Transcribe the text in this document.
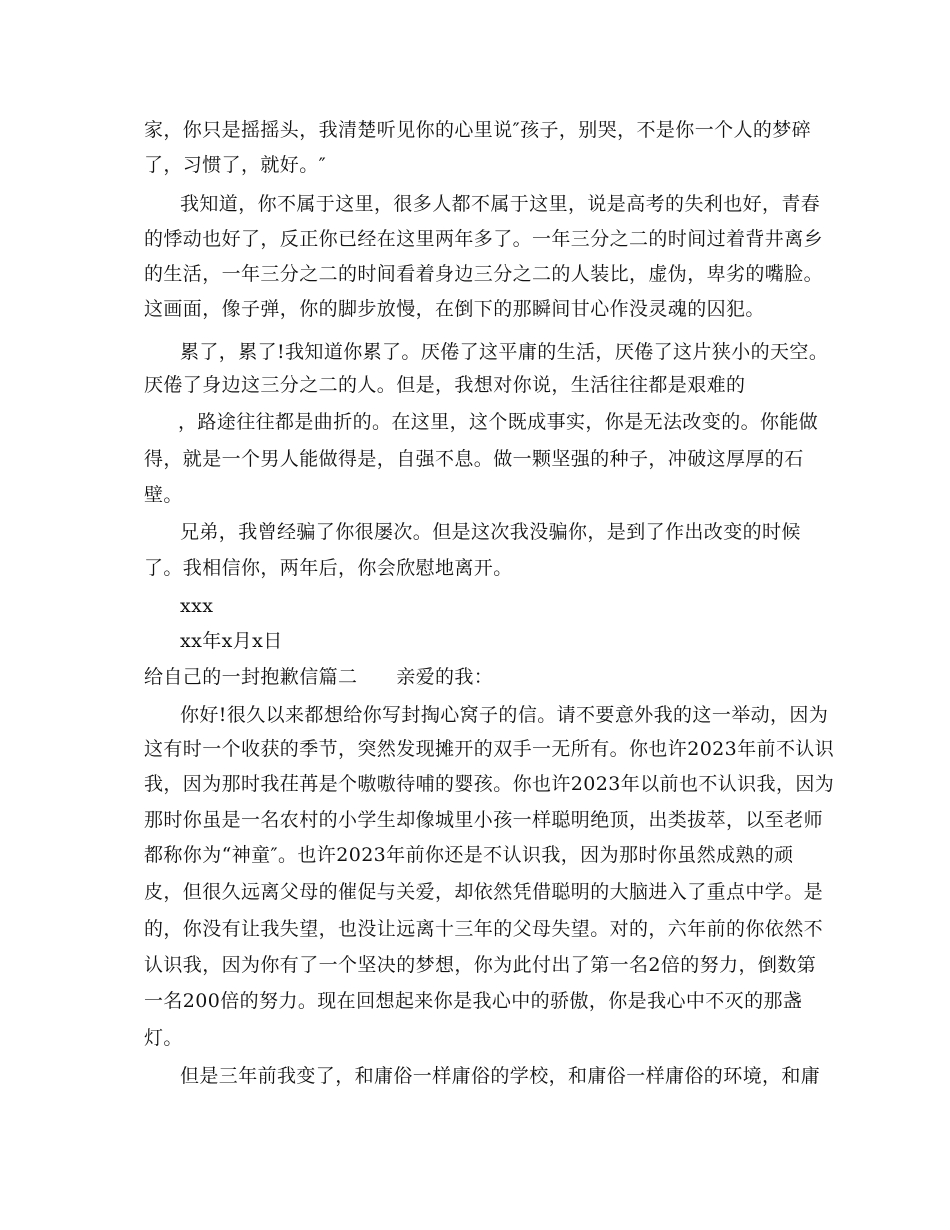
家，你只是摇摇头，我清楚听见你的心里说″孩子，别哭，不是你一个人的梦碎
了，习惯了，就好。″
我知道，你不属于这里，很多人都不属于这里，说是高考的失利也好，青春
的悸动也好了，反正你已经在这里两年多了。一年三分之二的时间过着背井离乡
的生活，一年三分之二的时间看着身边三分之二的人装比，虚伪，卑劣的嘴脸。
这画面，像子弹，你的脚步放慢，在倒下的那瞬间甘心作没灵魂的囚犯。
累了，累了!我知道你累了。厌倦了这平庸的生活，厌倦了这片狭小的天空。
厌倦了身边这三分之二的人。但是，我想对你说，生活往往都是艰难的
，路途往往都是曲折的。在这里，这个既成事实，你是无法改变的。你能做
得，就是一个男人能做得是，自强不息。做一颗坚强的种子，冲破这厚厚的石
壁。
兄弟，我曾经骗了你很屡次。但是这次我没骗你，是到了作出改变的时候
了。我相信你，两年后，你会欣慰地离开。
xxx
xx年x月x日
给自己的一封抱歉信篇二　　亲爱的我：
你好!很久以来都想给你写封掏心窝子的信。请不要意外我的这一举动，因为
这有时一个收获的季节，突然发现摊开的双手一无所有。你也许2023年前不认识
我，因为那时我茌苒是个嗷嗷待哺的婴孩。你也许2023年以前也不认识我，因为
那时你虽是一名农村的小学生却像城里小孩一样聪明绝顶，出类拔萃，以至老师
都称你为“神童″。也许2023年前你还是不认识我，因为那时你虽然成熟的顽
皮，但很久远离父母的催促与关爱，却依然凭借聪明的大脑进入了重点中学。是
的，你没有让我失望，也没让远离十三年的父母失望。对的，六年前的你依然不
认识我，因为你有了一个坚决的梦想，你为此付出了第一名2倍的努力，倒数第
一名200倍的努力。现在回想起来你是我心中的骄傲，你是我心中不灭的那盏
灯。
但是三年前我变了，和庸俗一样庸俗的学校，和庸俗一样庸俗的环境，和庸
